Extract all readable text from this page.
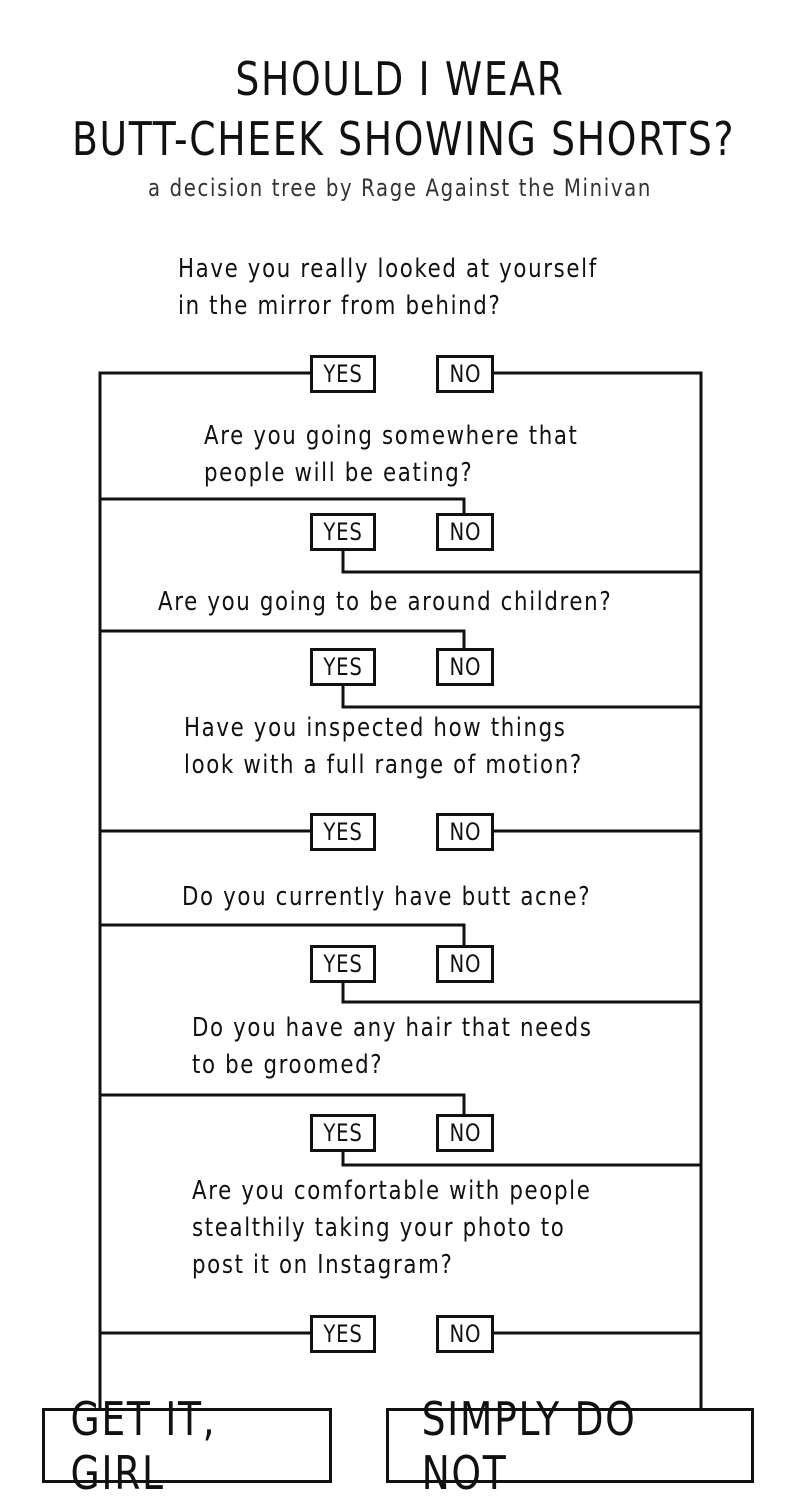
SHOULD I WEAR
BUTT-CHEEK SHOWING SHORTS?
a decision tree by Rage Against the Minivan
Have you really looked at yourself
in the mirror from behind?
YES	NO
Are you going somewhere that
people will be eating?
YES	NO
Are you going to be around children?
YES	NO
Have you inspected how things
look with a full range of motion?
YES	NO
Do you currently have butt acne?
YES	NO
Do you have any hair that needs
to be groomed?
YES	NO
Are you comfortable with people
stealthily taking your photo to
post it on Instagram?
YES	NO
GET IT, GIRL
SIMPLY DO NOT
